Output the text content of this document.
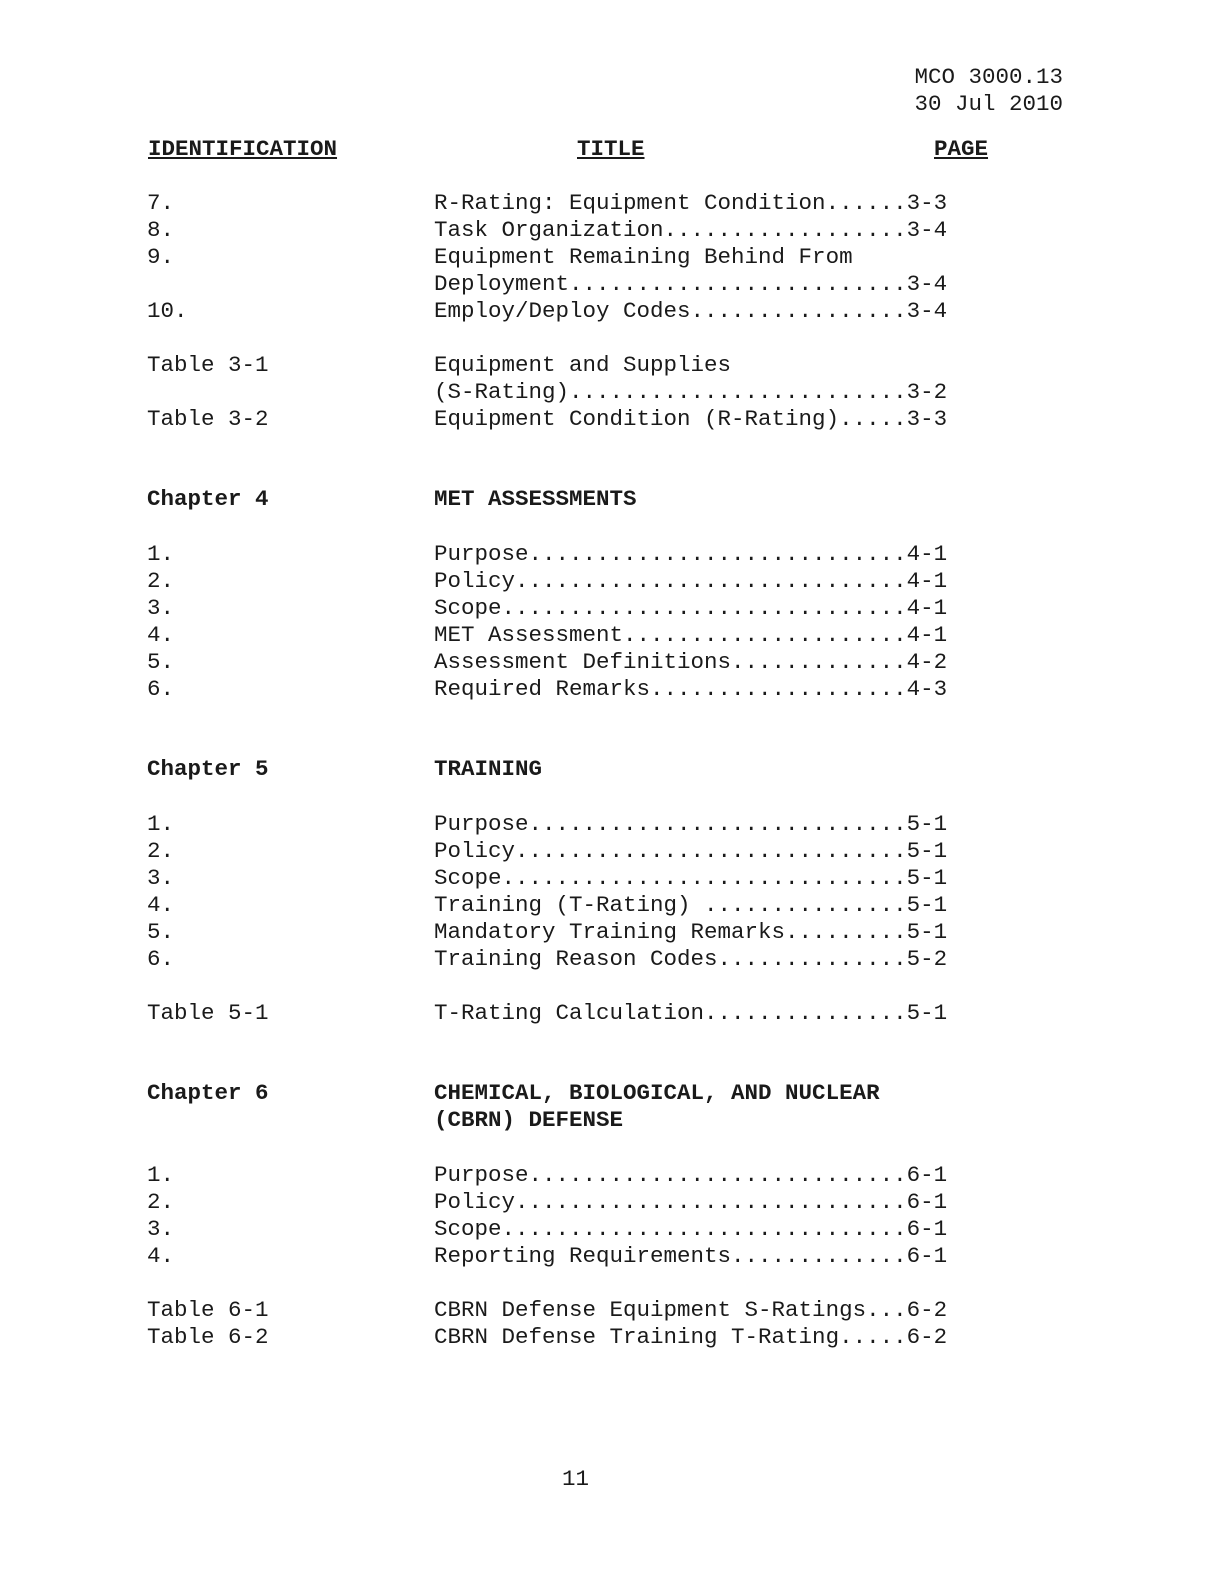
MCO 3000.13
30 Jul 2010
IDENTIFICATION	TITLE	PAGE
7.	R-Rating: Equipment Condition......3-3
8.	Task Organization..................3-4
9.	Equipment Remaining Behind From
Deployment.........................3-4
10.	Employ/Deploy Codes................3-4
Table 3-1	Equipment and Supplies
(S-Rating).........................3-2
Table 3-2	Equipment Condition (R-Rating).....3-3
Chapter 4	MET ASSESSMENTS
1.	Purpose............................4-1
2.	Policy.............................4-1
3.	Scope..............................4-1
4.	MET Assessment.....................4-1
5.	Assessment Definitions.............4-2
6.	Required Remarks...................4-3
Chapter 5	TRAINING
1.	Purpose............................5-1
2.	Policy.............................5-1
3.	Scope..............................5-1
4.	Training (T-Rating) ...............5-1
5.	Mandatory Training Remarks.........5-1
6.	Training Reason Codes..............5-2
Table 5-1	T-Rating Calculation...............5-1
Chapter 6	CHEMICAL, BIOLOGICAL, AND NUCLEAR
(CBRN) DEFENSE
1.	Purpose............................6-1
2.	Policy.............................6-1
3.	Scope..............................6-1
4.	Reporting Requirements.............6-1
Table 6-1	CBRN Defense Equipment S-Ratings...6-2
Table 6-2	CBRN Defense Training T-Rating.....6-2
11
